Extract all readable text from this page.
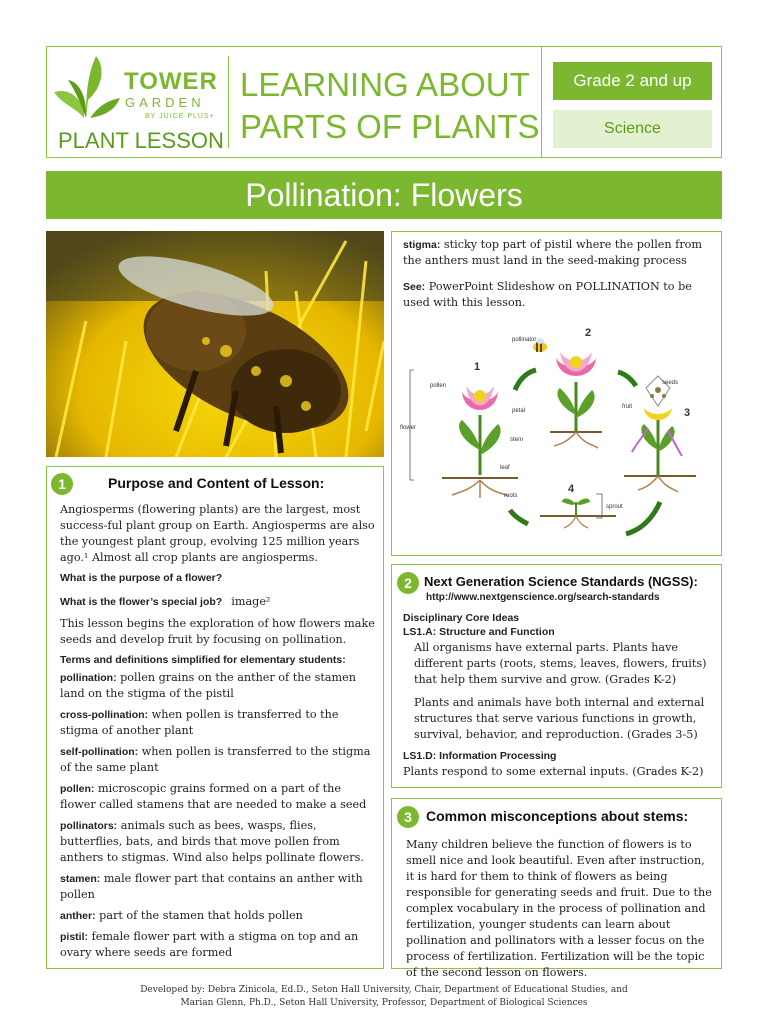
TOWER
GARDEN
BY JUICE PLUS+
PLANT LESSON
LEARNING ABOUT
PARTS OF PLANTS
Grade 2 and up
Science
Pollination: Flowers
1	Purpose and Content of Lesson:

Angiosperms (flowering plants) are the largest, most success-ful plant group on Earth. Angiosperms are also the youngest plant group, evolving 125 million years ago.¹ Almost all crop plants are angiosperms.

What is the purpose of a flower?

What is the flower’s special job? image²

This lesson begins the exploration of how flowers make seeds and develop fruit by focusing on pollination.

Terms and definitions simplified for elementary students:

pollination: pollen grains on the anther of the stamen land on the stigma of the pistil

cross-pollination: when pollen is transferred to the stigma of another plant

self-pollination: when pollen is transferred to the stigma of the same plant

pollen: microscopic grains formed on a part of the flower called stamens that are needed to make a seed

pollinators: animals such as bees, wasps, flies, butterflies, bats, and birds that move pollen from anthers to stigmas. Wind also helps pollinate flowers.

stamen: male flower part that contains an anther with pollen

anther: part of the stamen that holds pollen

pistil: female flower part with a stigma on top and an ovary where seeds are formed

stigma: sticky top part of pistil where the pollen from the anthers must land in the seed-making process

See: PowerPoint Slideshow on POLLINATION to be used with this lesson.

1
pollen
petal
flower
stem
leaf
roots
pollinator
2
seeds
fruit	3
4
sprout
2 Next Generation Science Standards (NGSS):
http://www.nextgenscience.org/search-standards

Disciplinary Core Ideas

LS1.A: Structure and Function

All organisms have external parts. Plants have different parts (roots, stems, leaves, flowers, fruits) that help them survive and grow. (Grades K-2)

Plants and animals have both internal and external structures that serve various functions in growth, survival, behavior, and reproduction. (Grades 3-5)

LS1.D: Information Processing

Plants respond to some external inputs. (Grades K-2)

3	Common misconceptions about stems:

Many children believe the function of flowers is to smell nice and look beautiful. Even after instruction, it is hard for them to think of flowers as being responsible for generating seeds and fruit. Due to the complex vocabulary in the process of pollination and fertilization, younger students can learn about pollination and pollinators with a lesser focus on the process of fertilization. Fertilization will be the topic of the second lesson on flowers.

Developed by: Debra Zinicola, Ed.D., Seton Hall University, Chair, Department of Educational Studies, and
Marian Glenn, Ph.D., Seton Hall University, Professor, Department of Biological Sciences
